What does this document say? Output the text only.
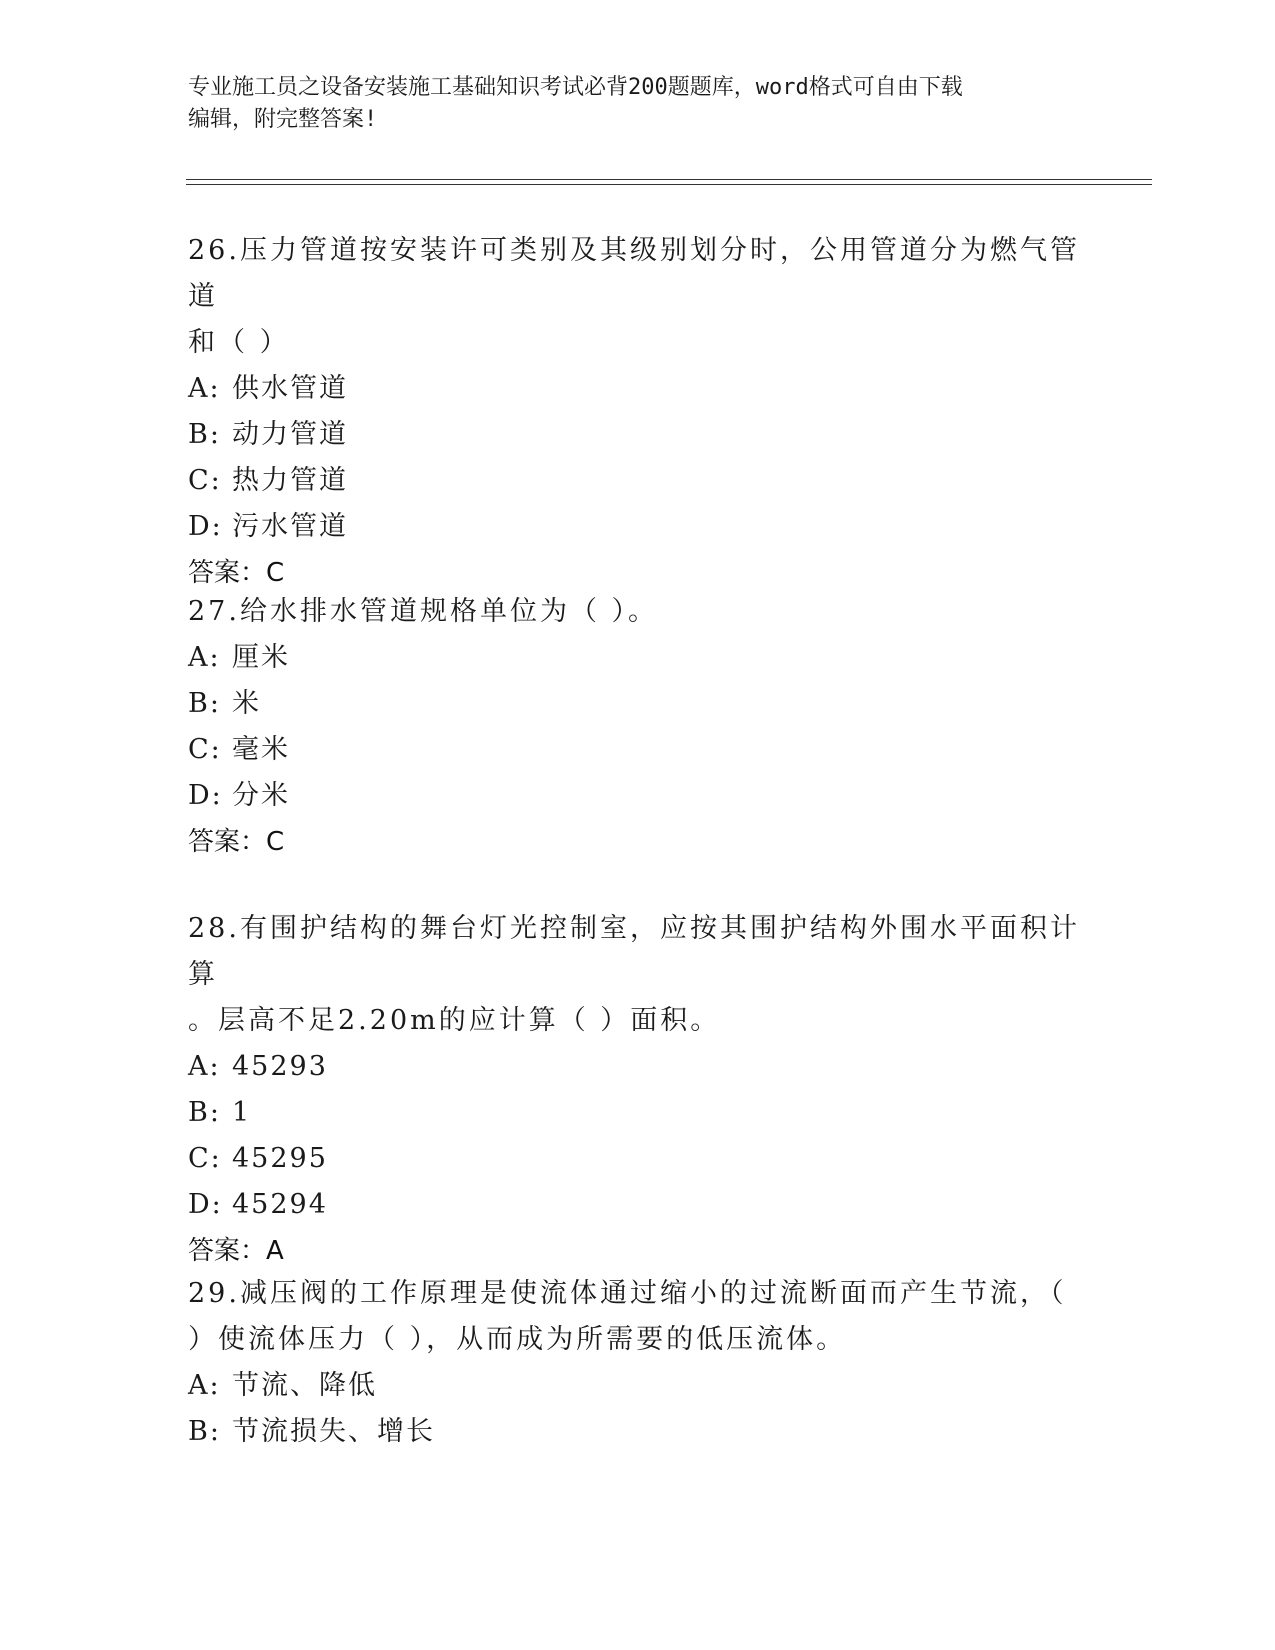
专业施工员之设备安装施工基础知识考试必背200题题库，word格式可自由下载
编辑，附完整答案!

26.压力管道按安装许可类别及其级别划分时，公用管道分为燃气管道

和（ ）

A: 供水管道

B: 动力管道

C: 热力管道

D: 污水管道

答案：C

27.给水排水管道规格单位为（ ）。

A: 厘米

B: 米

C: 毫米

D: 分米

答案：C

28.有围护结构的舞台灯光控制室，应按其围护结构外围水平面积计算

。层高不足2.20m的应计算（ ）面积。

A: 45293

B: 1

C: 45295

D: 45294

答案：A

29.减压阀的工作原理是使流体通过缩小的过流断面而产生节流，（

）使流体压力（ ），从而成为所需要的低压流体。

A: 节流、降低

B: 节流损失、增长
